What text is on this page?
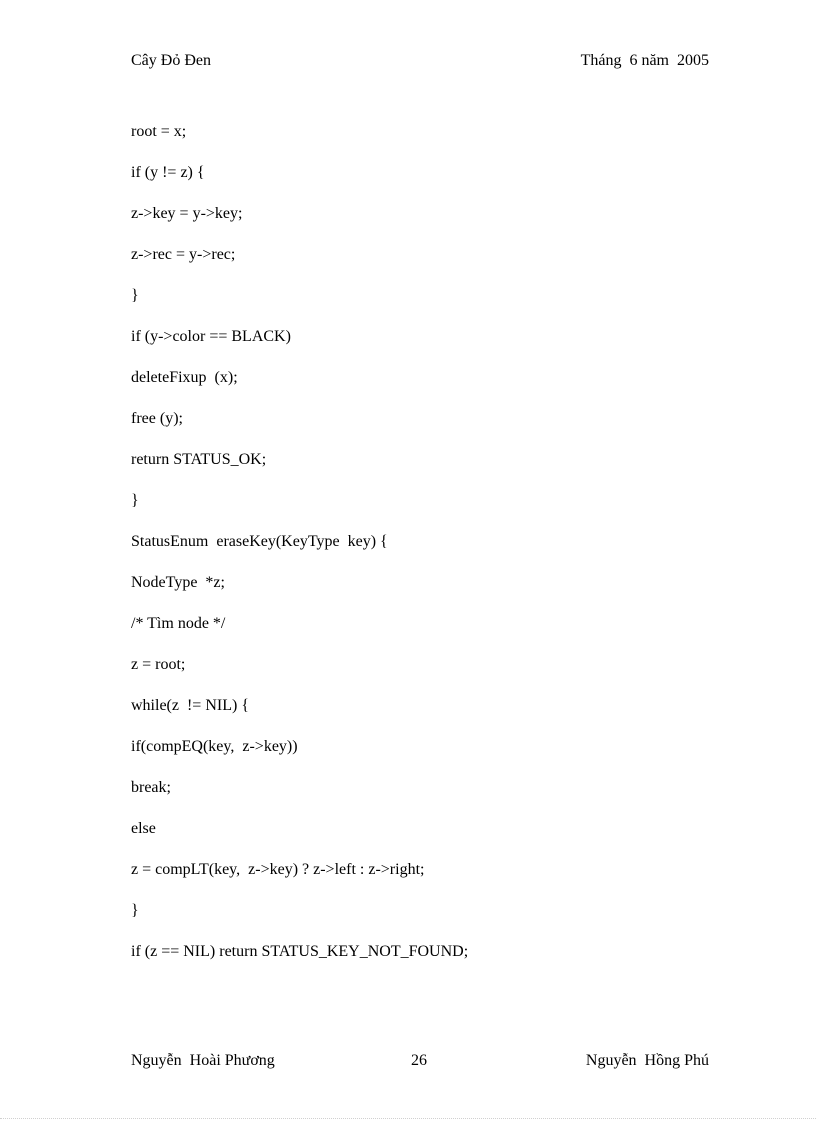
Cây Đỏ Đen	Tháng  6 năm  2005
root = x;
if (y != z) {
z->key = y->key;
z->rec = y->rec;
}
if (y->color == BLACK)
deleteFixup  (x);
free (y);
return STATUS_OK;
}
StatusEnum  eraseKey(KeyType  key) {
NodeType  *z;
/* Tìm node */
z = root;
while(z  != NIL) {
if(compEQ(key,  z->key))
break;
else
z = compLT(key,  z->key) ? z->left : z->right;
}
if (z == NIL) return STATUS_KEY_NOT_FOUND;
Nguyễn  Hoài Phương	26	Nguyễn  Hồng Phú
